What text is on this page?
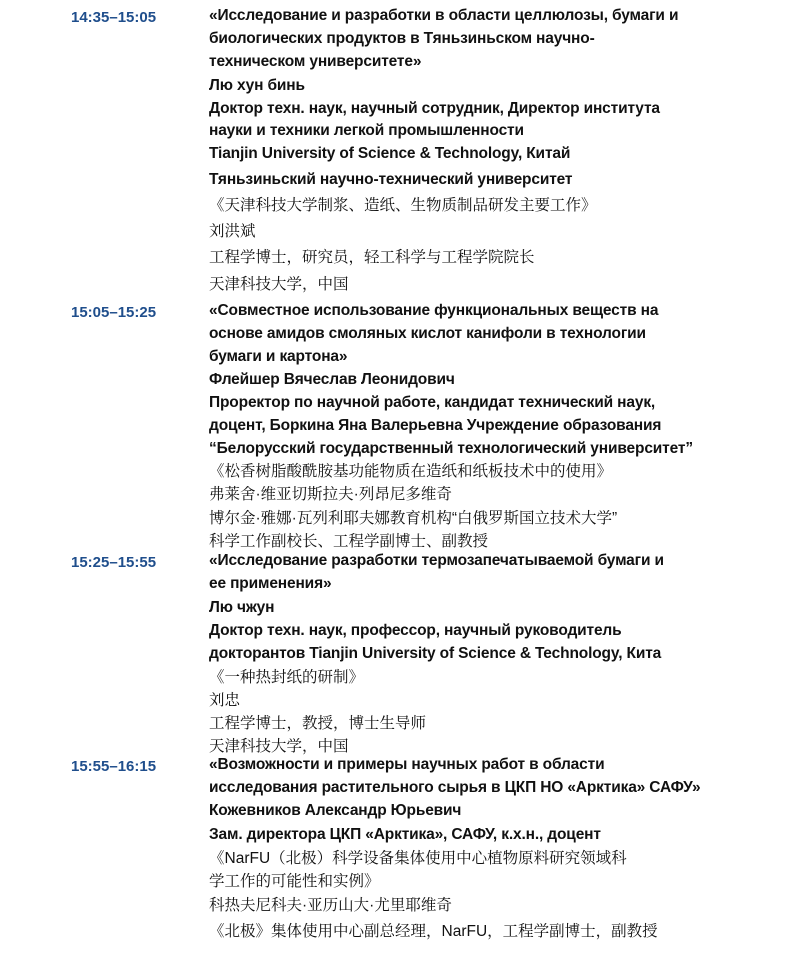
14:35–15:05	«Исследование и разработки в области целлюлозы, бумаги и
биологических продуктов в Тяньзиньском научно-
техническом университете»
Лю хун бинь
Доктор техн. наук, научный сотрудник, Директор института
науки и техники легкой промышленности
Tianjin University of Science & Technology, Китай
Тяньзиньский научно-технический университет
《天津科技大学制浆、造纸、生物质制品研发主要工作》
刘洪斌
工程学博士，研究员，轻工科学与工程学院院长
天津科技大学，中国
15:05–15:25	«Совместное использование функциональных веществ на
основе амидов смоляных кислот канифоли в технологии
бумаги и картона»
Флейшер Вячеслав Леонидович
Проректор по научной работе, кандидат технический наук,
доцент, Боркина Яна Валерьевна Учреждение образования
“Белорусский государственный технологический университет”
《松香树脂酸酰胺基功能物质在造纸和纸板技术中的使用》
弗莱舍·维亚切斯拉夫·列昂尼多维奇
博尔金·雅娜·瓦列利耶夫娜教育机构“白俄罗斯国立技术大学”
科学工作副校长、工程学副博士、副教授
15:25–15:55	«Исследование разработки термозапечатываемой бумаги и
ее применения»
Лю чжун
Доктор техн. наук, профессор, научный руководитель
докторантов Tianjin University of Science & Technology, Кита
《一种热封纸的研制》
刘忠
工程学博士，教授，博士生导师
天津科技大学，中国
15:55–16:15	«Возможности и примеры научных работ в области
исследования растительного сырья в ЦКП НО «Арктика» САФУ»
Кожевников Александр Юрьевич
Зам. директора ЦКП «Арктика», САФУ, к.х.н., доцент
《NarFU（北极）科学设备集体使用中心植物原料研究领域科
学工作的可能性和实例》
科热夫尼科夫·亚历山大·尤里耶维奇
《北极》集体使用中心副总经理，NarFU，工程学副博士，副教授
